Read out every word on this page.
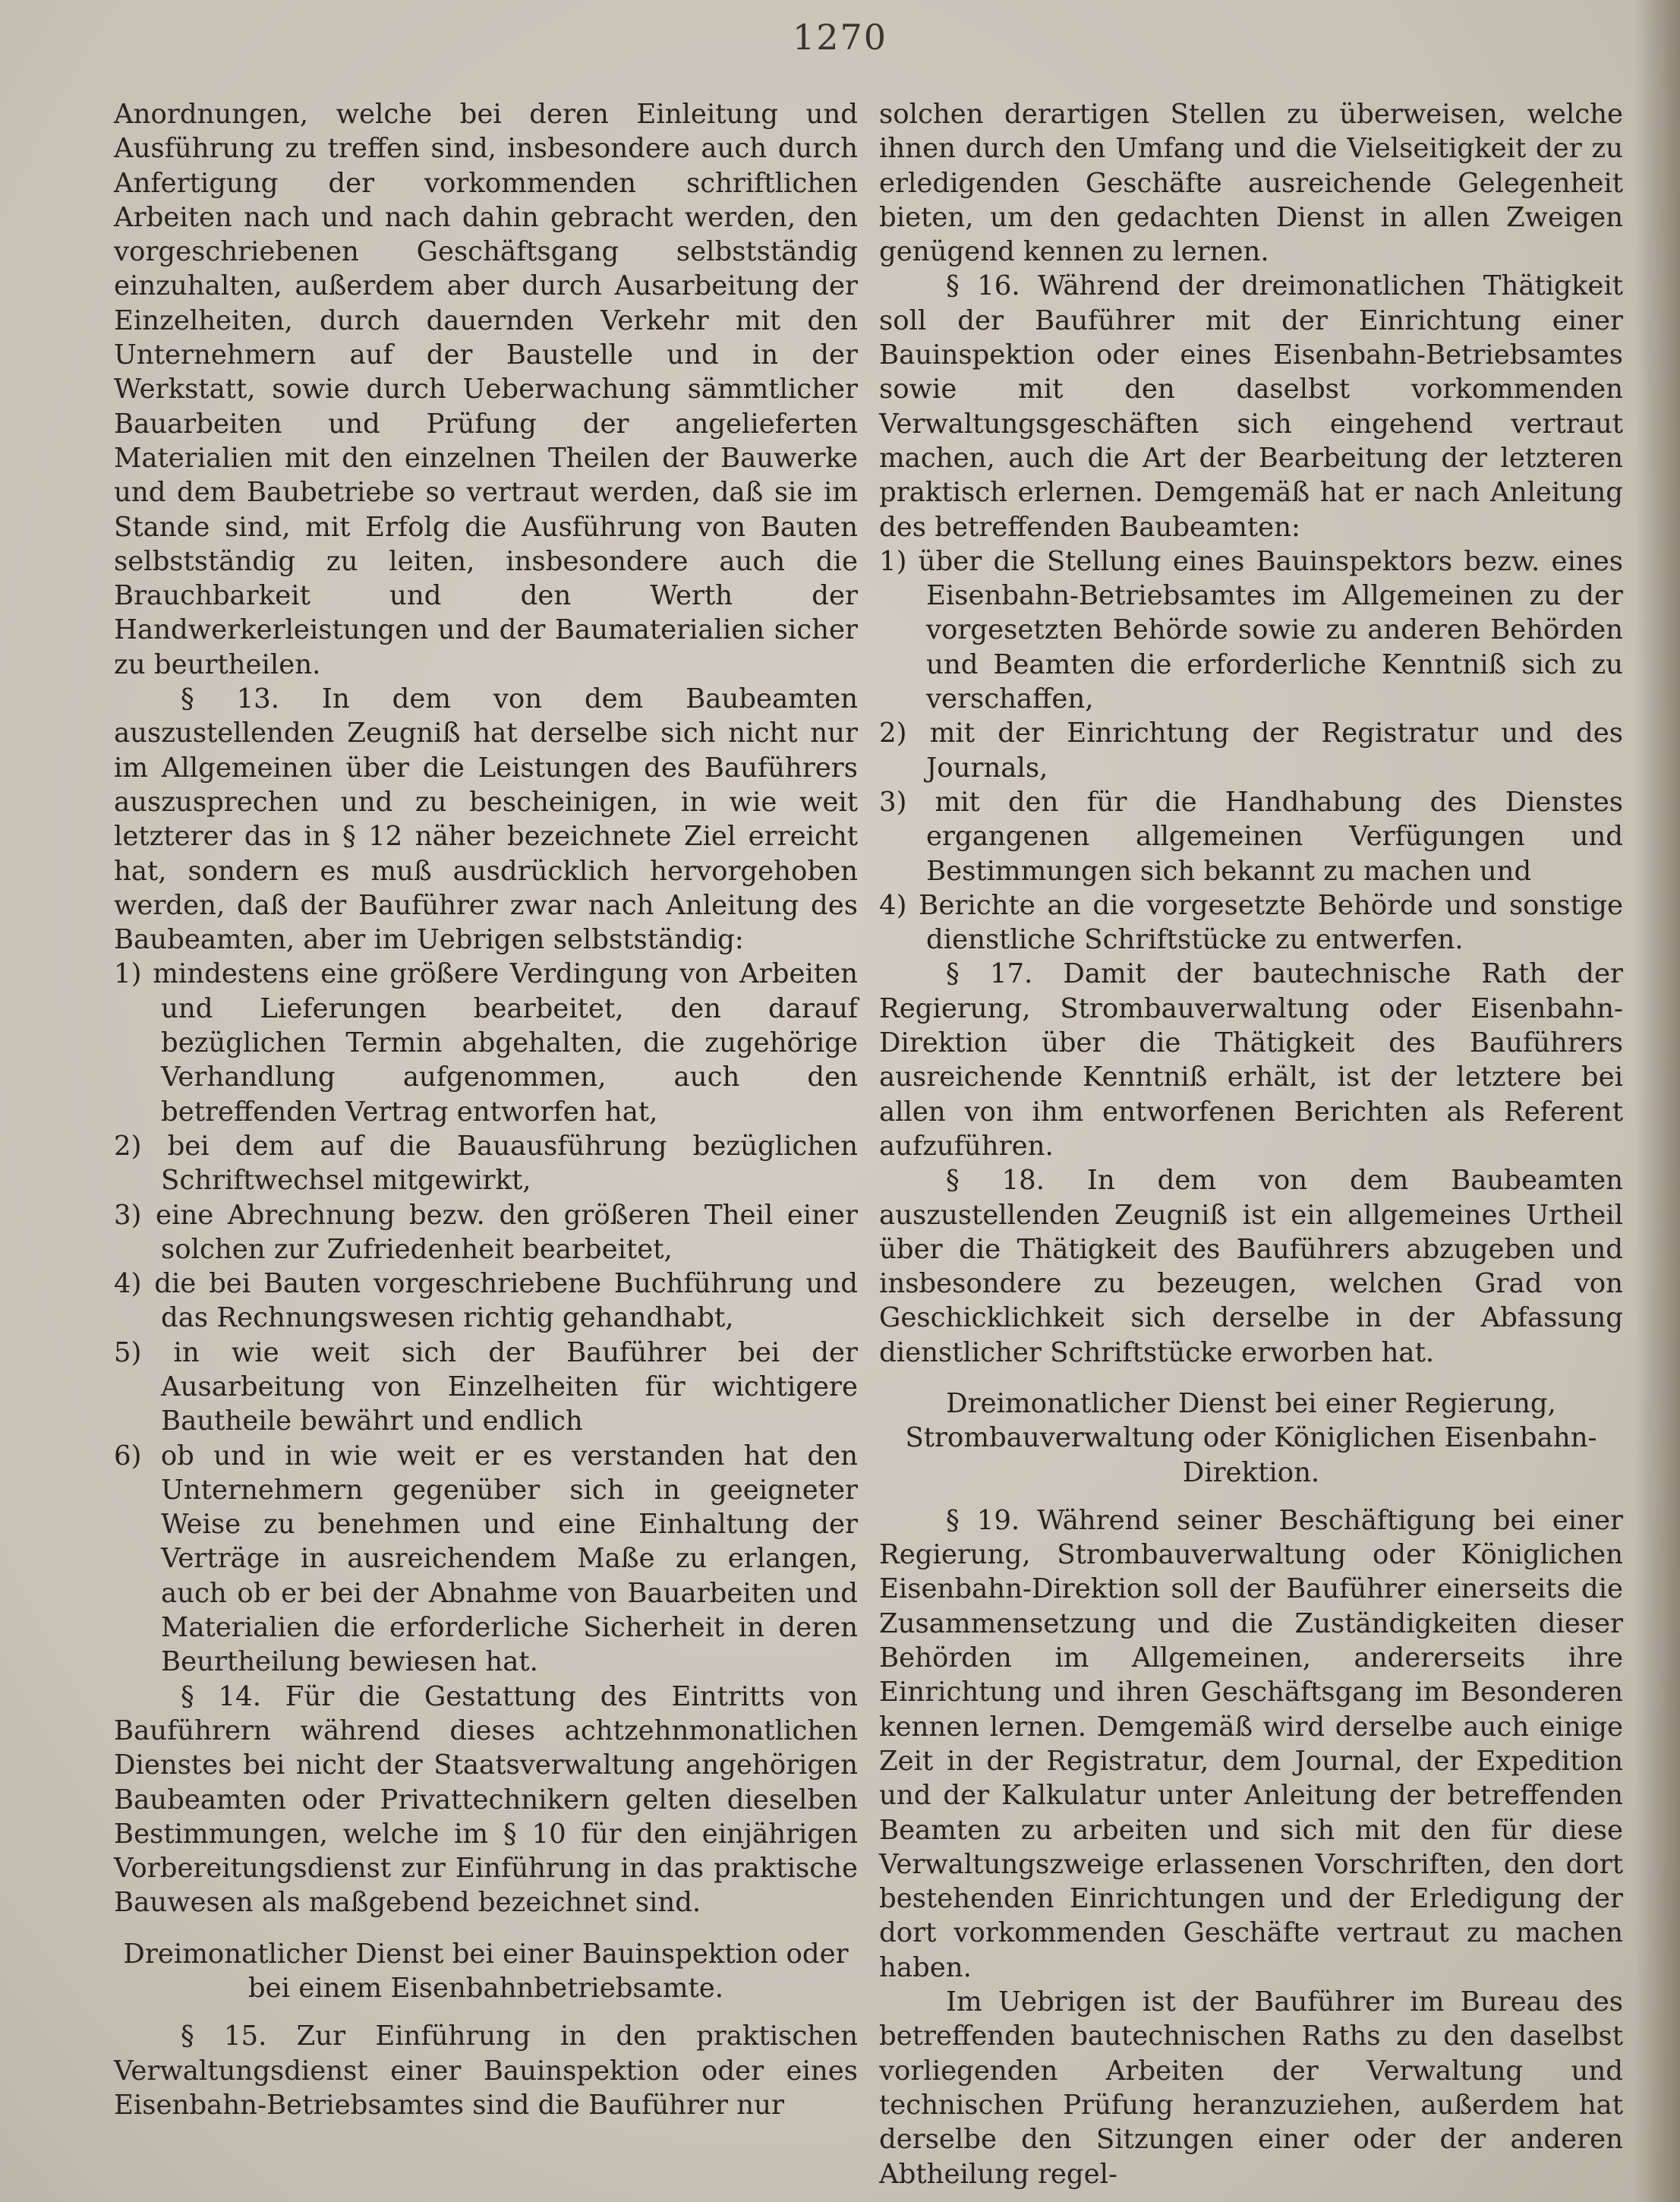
1270

Anordnungen, welche bei deren Einleitung und Ausführung zu treffen sind, insbesondere auch durch Anfertigung der vorkommenden schriftlichen Arbeiten nach und nach dahin gebracht werden, den vorgeschriebenen Geschäftsgang selbstständig einzuhalten, außerdem aber durch Ausarbeitung der Einzelheiten, durch dauernden Verkehr mit den Unternehmern auf der Baustelle und in der Werkstatt, sowie durch Ueberwachung sämmtlicher Bauarbeiten und Prüfung der angelieferten Materialien mit den einzelnen Theilen der Bauwerke und dem Baubetriebe so vertraut werden, daß sie im Stande sind, mit Erfolg die Ausführung von Bauten selbstständig zu leiten, insbesondere auch die Brauchbarkeit und den Werth der Handwerkerleistungen und der Baumaterialien sicher zu beurtheilen.

§ 13. In dem von dem Baubeamten auszustellenden Zeugniß hat derselbe sich nicht nur im Allgemeinen über die Leistungen des Bauführers auszusprechen und zu bescheinigen, in wie weit letzterer das in § 12 näher bezeichnete Ziel erreicht hat, sondern es muß ausdrücklich hervorgehoben werden, daß der Bauführer zwar nach Anleitung des Baubeamten, aber im Uebrigen selbstständig:

1) mindestens eine größere Verdingung von Arbeiten und Lieferungen bearbeitet, den darauf bezüglichen Termin abgehalten, die zugehörige Verhandlung aufgenommen, auch den betreffenden Vertrag entworfen hat,

2) bei dem auf die Bauausführung bezüglichen Schriftwechsel mitgewirkt,

3) eine Abrechnung bezw. den größeren Theil einer solchen zur Zufriedenheit bearbeitet,

4) die bei Bauten vorgeschriebene Buchführung und das Rechnungswesen richtig gehandhabt,

5) in wie weit sich der Bauführer bei der Ausarbeitung von Einzelheiten für wichtigere Bautheile bewährt und endlich

6) ob und in wie weit er es verstanden hat den Unternehmern gegenüber sich in geeigneter Weise zu benehmen und eine Einhaltung der Verträge in ausreichendem Maße zu erlangen, auch ob er bei der Abnahme von Bauarbeiten und Materialien die erforderliche Sicherheit in deren Beurtheilung bewiesen hat.

§ 14. Für die Gestattung des Eintritts von Bauführern während dieses achtzehnmonatlichen Dienstes bei nicht der Staatsverwaltung angehörigen Baubeamten oder Privattechnikern gelten dieselben Bestimmungen, welche im § 10 für den einjährigen Vorbereitungsdienst zur Einführung in das praktische Bauwesen als maßgebend bezeichnet sind.

Dreimonatlicher Dienst bei einer Bauinspektion oder bei einem Eisenbahnbetriebsamte.

§ 15. Zur Einführung in den praktischen Verwaltungsdienst einer Bauinspektion oder eines Eisenbahn-Betriebsamtes sind die Bauführer nur

solchen derartigen Stellen zu überweisen, welche ihnen durch den Umfang und die Vielseitigkeit der zu erledigenden Geschäfte ausreichende Gelegenheit bieten, um den gedachten Dienst in allen Zweigen genügend kennen zu lernen.

§ 16. Während der dreimonatlichen Thätigkeit soll der Bauführer mit der Einrichtung einer Bauinspektion oder eines Eisenbahn-Betriebsamtes sowie mit den daselbst vorkommenden Verwaltungsgeschäften sich eingehend vertraut machen, auch die Art der Bearbeitung der letzteren praktisch erlernen. Demgemäß hat er nach Anleitung des betreffenden Baubeamten:

1) über die Stellung eines Bauinspektors bezw. eines Eisenbahn-Betriebsamtes im Allgemeinen zu der vorgesetzten Behörde sowie zu anderen Behörden und Beamten die erforderliche Kenntniß sich zu verschaffen,

2) mit der Einrichtung der Registratur und des Journals,

3) mit den für die Handhabung des Dienstes ergangenen allgemeinen Verfügungen und Bestimmungen sich bekannt zu machen und

4) Berichte an die vorgesetzte Behörde und sonstige dienstliche Schriftstücke zu entwerfen.

§ 17. Damit der bautechnische Rath der Regierung, Strombauverwaltung oder Eisenbahn-Direktion über die Thätigkeit des Bauführers ausreichende Kenntniß erhält, ist der letztere bei allen von ihm entworfenen Berichten als Referent aufzuführen.

§ 18. In dem von dem Baubeamten auszustellenden Zeugniß ist ein allgemeines Urtheil über die Thätigkeit des Bauführers abzugeben und insbesondere zu bezeugen, welchen Grad von Geschicklichkeit sich derselbe in der Abfassung dienstlicher Schriftstücke erworben hat.

Dreimonatlicher Dienst bei einer Regierung, Strombauverwaltung oder Königlichen Eisenbahn-Direktion.

§ 19. Während seiner Beschäftigung bei einer Regierung, Strombauverwaltung oder Königlichen Eisenbahn-Direktion soll der Bauführer einerseits die Zusammensetzung und die Zuständigkeiten dieser Behörden im Allgemeinen, andererseits ihre Einrichtung und ihren Geschäftsgang im Besonderen kennen lernen. Demgemäß wird derselbe auch einige Zeit in der Registratur, dem Journal, der Expedition und der Kalkulatur unter Anleitung der betreffenden Beamten zu arbeiten und sich mit den für diese Verwaltungszweige erlassenen Vorschriften, den dort bestehenden Einrichtungen und der Erledigung der dort vorkommenden Geschäfte vertraut zu machen haben.

Im Uebrigen ist der Bauführer im Bureau des betreffenden bautechnischen Raths zu den daselbst vorliegenden Arbeiten der Verwaltung und technischen Prüfung heranzuziehen, außerdem hat derselbe den Sitzungen einer oder der anderen Abtheilung regel-
